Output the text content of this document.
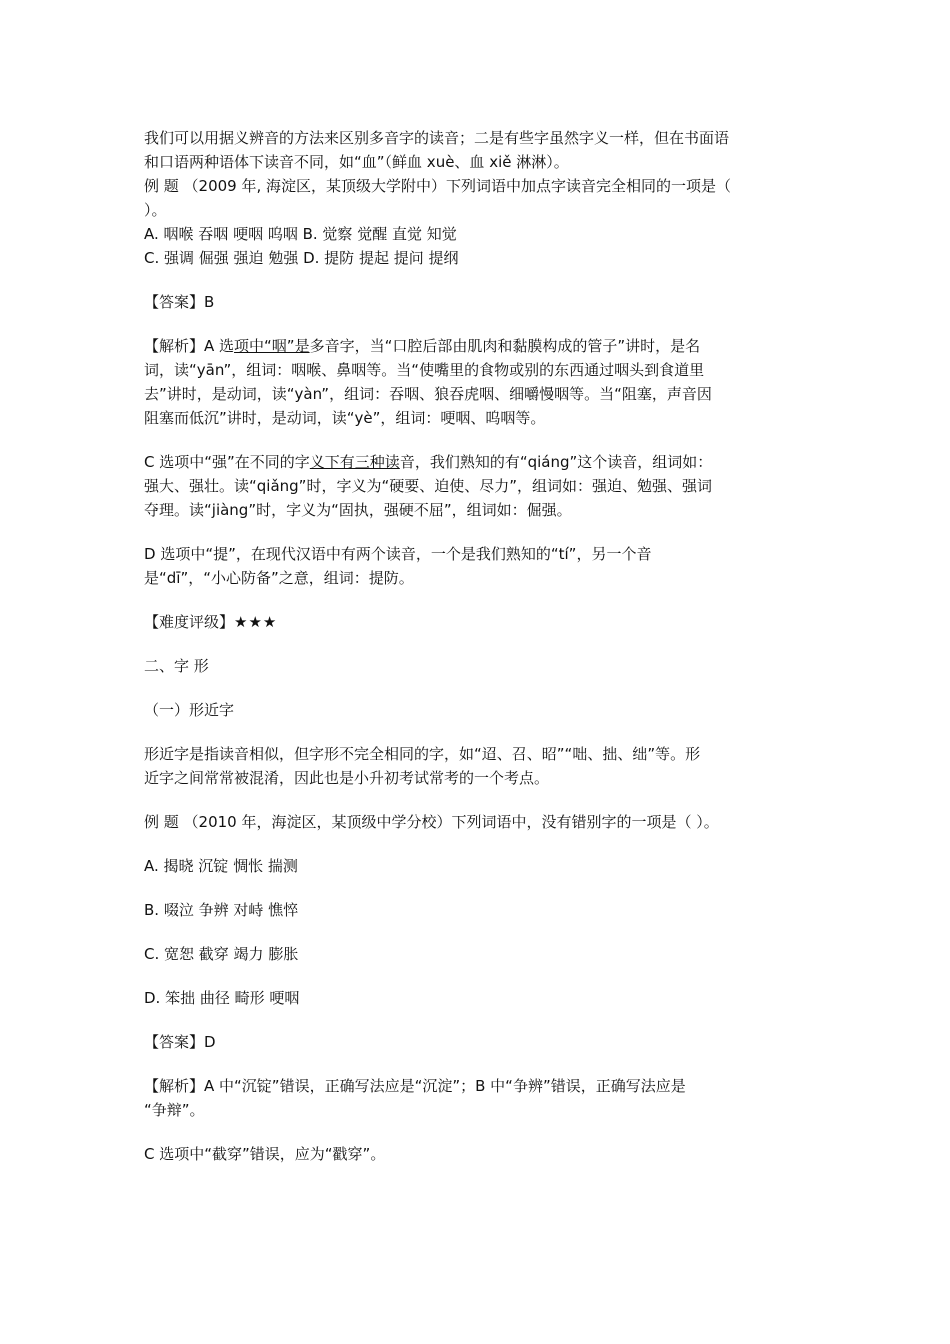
我们可以用据义辨音的方法来区别多音字的读音；二是有些字虽然字义一样，但在书面语
和口语两种语体下读音不同，如“血”（鲜血 xuè、血 xiě 淋淋）。
例 题 （2009 年, 海淀区，某顶级大学附中）下列词语中加点字读音完全相同的一项是（
）。
A. 咽喉 吞咽 哽咽 呜咽 B. 觉察 觉醒 直觉 知觉
C. 强调 倔强 强迫 勉强 D. 提防 提起 提问 提纲
【答案】B
【解析】A 选项中“咽”是多音字，当“口腔后部由肌肉和黏膜构成的管子”讲时，是名
词，读“yān”，组词：咽喉、鼻咽等。当“使嘴里的食物或别的东西通过咽头到食道里
去”讲时，是动词，读“yàn”，组词：吞咽、狼吞虎咽、细嚼慢咽等。当“阻塞，声音因
阻塞而低沉”讲时，是动词，读“yè”，组词：哽咽、呜咽等。
C 选项中“强”在不同的字义下有三种读音，我们熟知的有“qiáng”这个读音，组词如：
强大、强壮。读“qiǎng”时，字义为“硬要、迫使、尽力”，组词如：强迫、勉强、强词
夺理。读“jiàng”时，字义为“固执，强硬不屈”，组词如：倔强。
D 选项中“提”，在现代汉语中有两个读音，一个是我们熟知的“tí”，另一个音
是“dī”，“小心防备”之意，组词：提防。
【难度评级】★★★
二、字 形
（一）形近字
形近字是指读音相似，但字形不完全相同的字，如“迢、召、昭”“咄、拙、绌”等。形
近字之间常常被混淆，因此也是小升初考试常考的一个考点。
例 题 （2010 年，海淀区，某顶级中学分校）下列词语中，没有错别字的一项是（ ）。
A. 揭晓 沉锭 惆怅 揣测
B. 啜泣 争辨 对峙 憔悴
C. 宽恕 截穿 竭力 膨胀
D. 笨拙 曲径 畸形 哽咽
【答案】D
【解析】A 中“沉锭”错误，正确写法应是“沉淀”；B 中“争辨”错误，正确写法应是
“争辩”。
C 选项中“截穿”错误，应为“戳穿”。
